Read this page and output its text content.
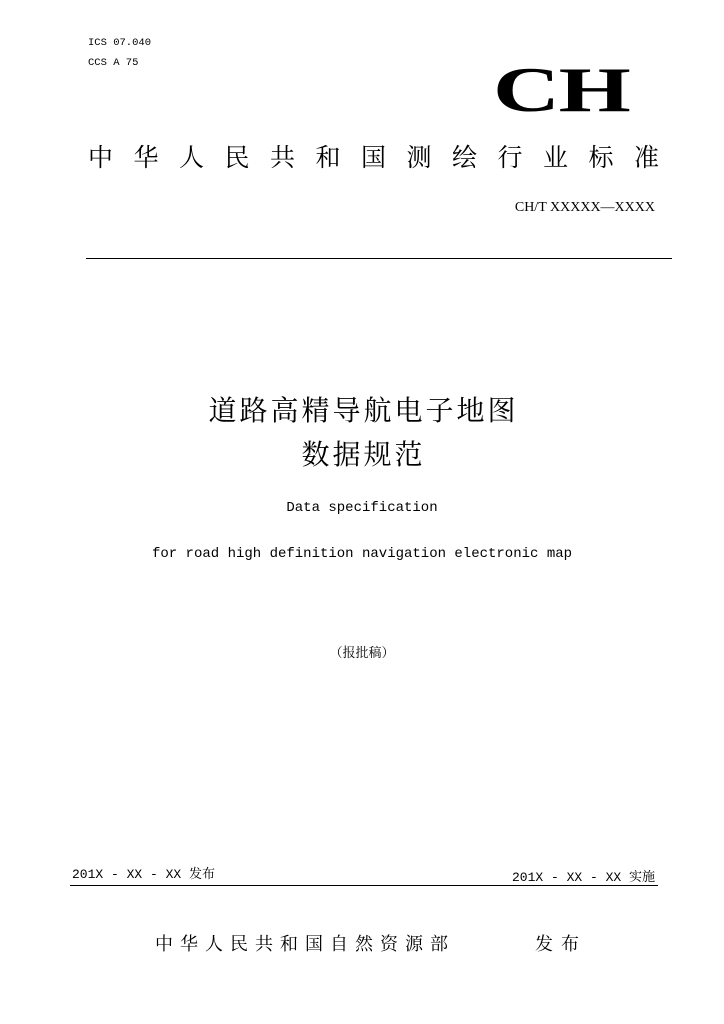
ICS 07.040
CCS A 75	CH
中华人民共和国测绘行业标准
CH/T XXXXX—XXXX
道路高精导航电子地图
数据规范
Data specification
for road high definition navigation electronic map
（报批稿）
201X - XX - XX 发布	201X - XX - XX 实施
中华人民共和国自然资源部	发布
